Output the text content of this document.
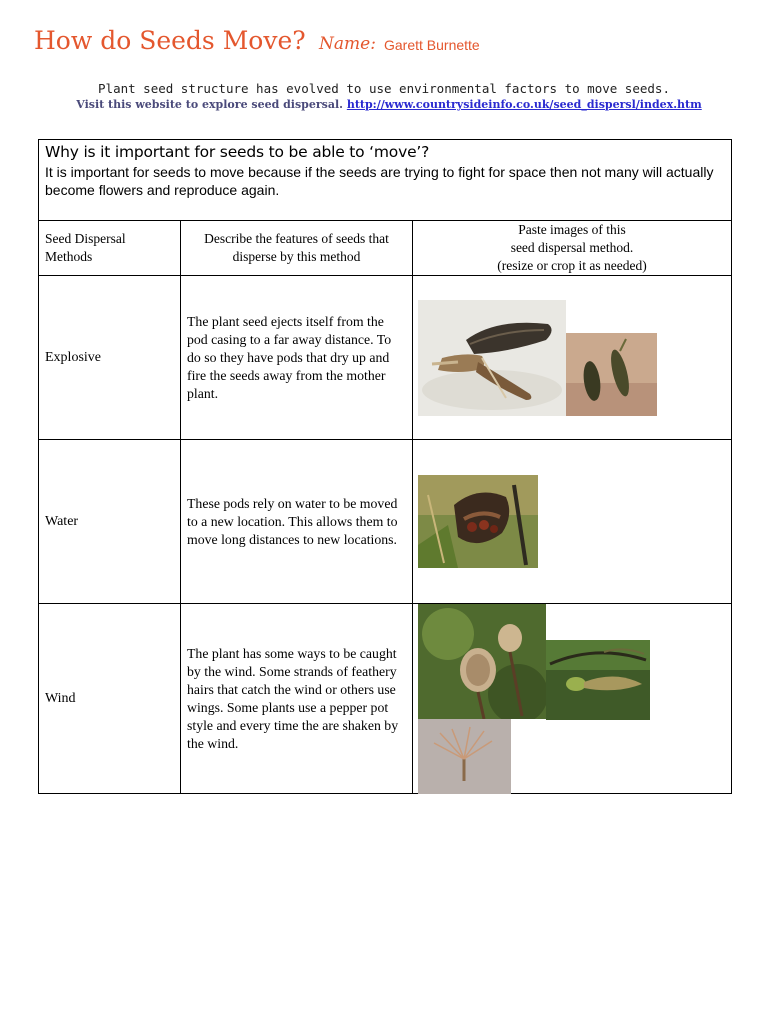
How do Seeds Move? Name: Garett Burnette
Plant seed structure has evolved to use environmental factors to move seeds.
Visit this website to explore seed dispersal. http://www.countrysideinfo.co.uk/seed_dispersl/index.htm
Why is it important for seeds to be able to ‘move’?
It is important for seeds to move because if the seeds are trying to fight for space then not many will actually become flowers and reproduce again.		

Seed Dispersal Methods	Describe the features of seeds that disperse by this method	Paste images of this
seed dispersal method.
(resize or crop it as needed)

Explosive	The plant seed ejects itself from the pod casing to a far away distance. To do so they have pods that dry up and fire the seeds away from the mother plant.	

Water	These pods rely on water to be moved to a new location. This allows them to move long distances to new locations.	

Wind	The plant has some ways to be caught by the wind. Some strands of feathery hairs that catch the wind or others use wings. Some plants use a pepper pot style and every time the are shaken by the wind.	
